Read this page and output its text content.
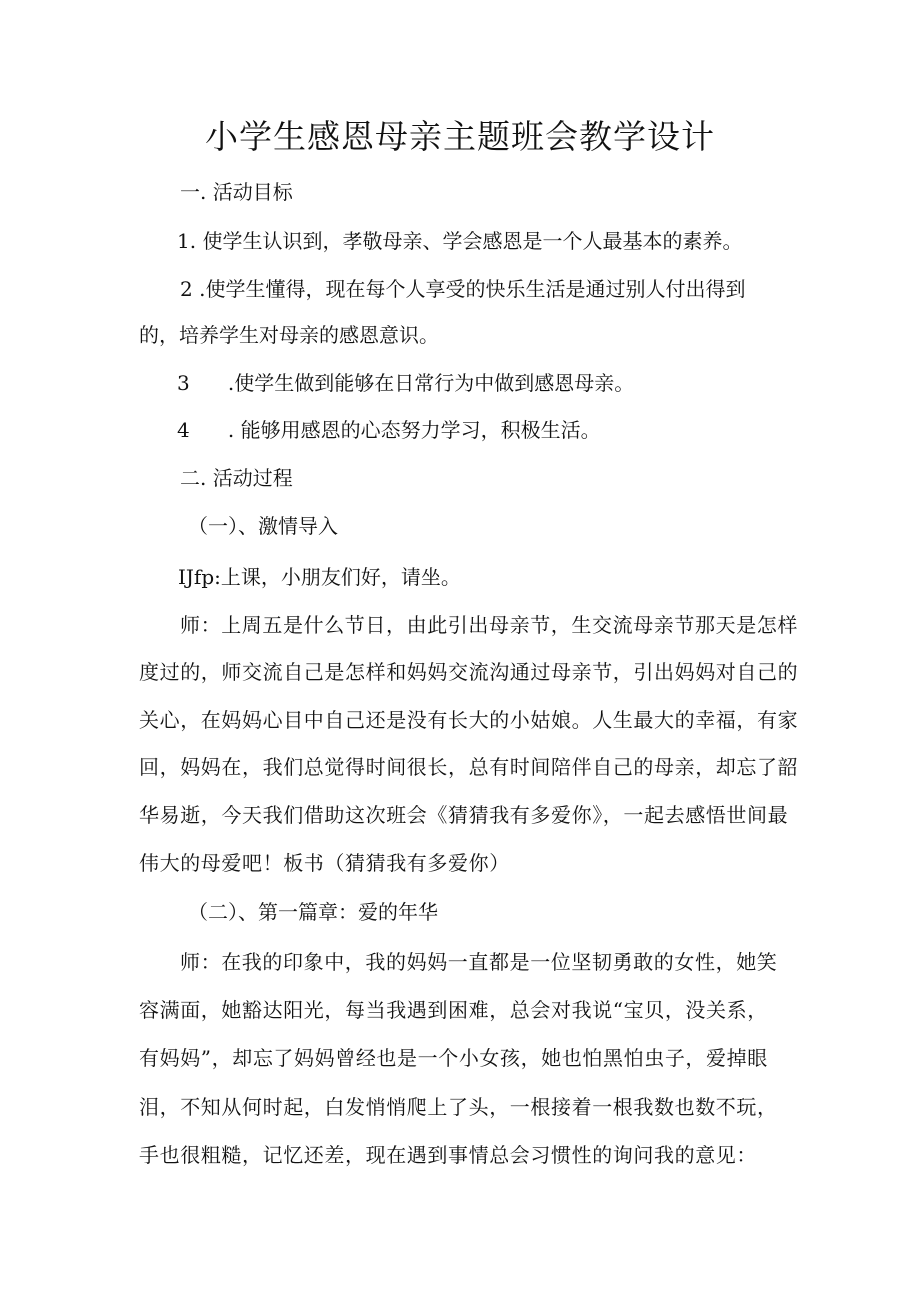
小学生感恩母亲主题班会教学设计

一. 活动目标

1. 使学生认识到，孝敬母亲、学会感恩是一个人最基本的素养。

2 .使学生懂得，现在每个人享受的快乐生活是通过别人付出得到

的，培养学生对母亲的感恩意识。

3      .使学生做到能够在日常行为中做到感恩母亲。

4      . 能够用感恩的心态努力学习，积极生活。

二. 活动过程

（一）、激情导入

IJfp:上课，小朋友们好，请坐。

师：上周五是什么节日，由此引出母亲节，生交流母亲节那天是怎样

度过的，师交流自己是怎样和妈妈交流沟通过母亲节，引出妈妈对自己的

关心，在妈妈心目中自己还是没有长大的小姑娘。人生最大的幸福，有家

回，妈妈在，我们总觉得时间很长，总有时间陪伴自己的母亲，却忘了韶

华易逝，今天我们借助这次班会《猜猜我有多爱你》，一起去感悟世间最

伟大的母爱吧！板书（猜猜我有多爱你）

（二）、第一篇章：爱的年华

师：在我的印象中，我的妈妈一直都是一位坚韧勇敢的女性，她笑

容满面，她豁达阳光，每当我遇到困难，总会对我说“宝贝，没关系，

有妈妈”，却忘了妈妈曾经也是一个小女孩，她也怕黑怕虫子，爱掉眼

泪，不知从何时起，白发悄悄爬上了头，一根接着一根我数也数不玩，

手也很粗糙，记忆还差，现在遇到事情总会习惯性的询问我的意见：
